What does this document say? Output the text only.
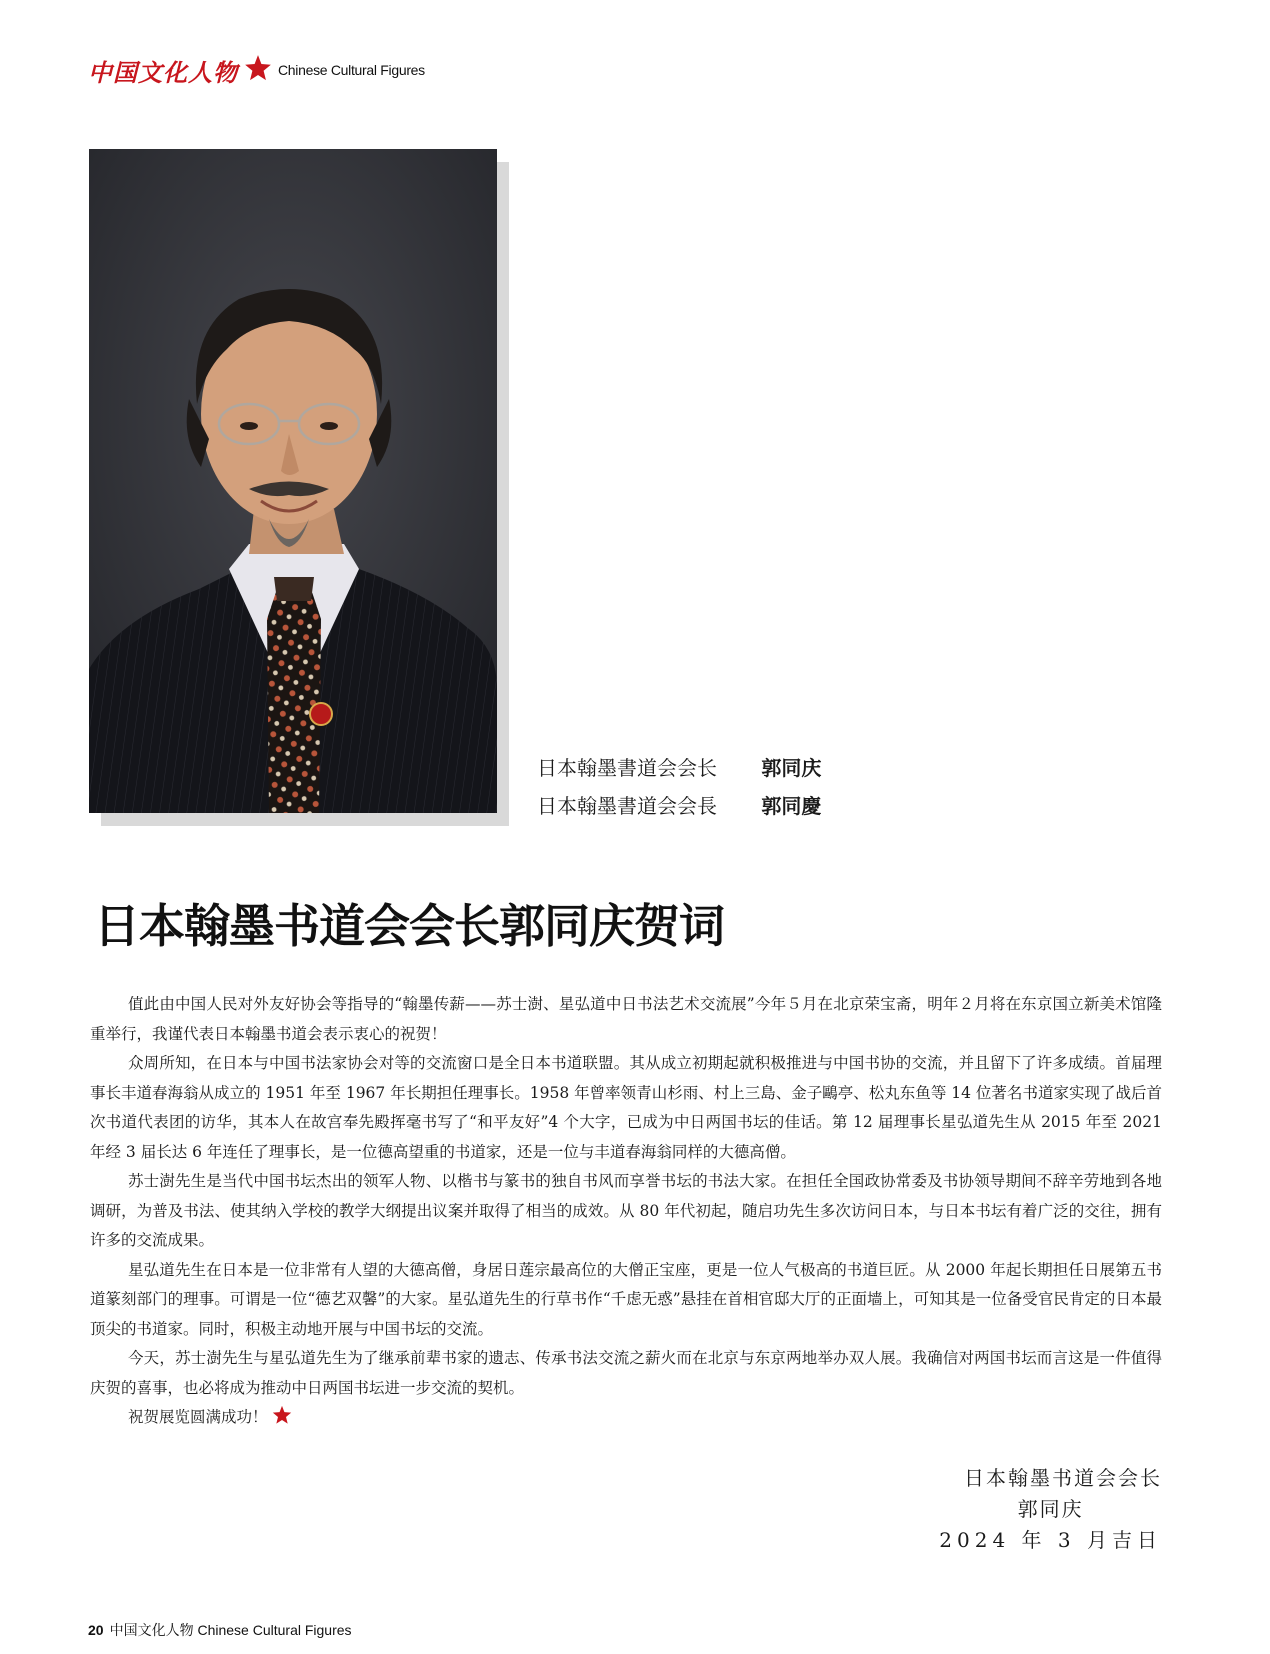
中国文化人物	Chinese Cultural Figures
日本翰墨書道会会长 郭同庆
日本翰墨書道会会長 郭同慶
日本翰墨书道会会长郭同庆贺词

值此由中国人民对外友好协会等指导的“翰墨传薪——苏士澍、星弘道中日书法艺术交流展”今年５月在北京荣宝斋，明年２月将在东京国立新美术馆隆重举行，我谨代表日本翰墨书道会表示衷心的祝贺！

众周所知，在日本与中国书法家协会对等的交流窗口是全日本书道联盟。其从成立初期起就积极推进与中国书协的交流，并且留下了许多成绩。首届理事长丰道春海翁从成立的 1951 年至 1967 年长期担任理事长。1958 年曾率领青山杉雨、村上三島、金子鷗亭、松丸东鱼等 14 位著名书道家实现了战后首次书道代表团的访华，其本人在故宫奉先殿挥毫书写了“和平友好”4 个大字，已成为中日两国书坛的佳话。第 12 届理事长星弘道先生从 2015 年至 2021 年经 3 届长达 6 年连任了理事长，是一位德高望重的书道家，还是一位与丰道春海翁同样的大德高僧。

苏士澍先生是当代中国书坛杰出的领军人物、以楷书与篆书的独自书风而享誉书坛的书法大家。在担任全国政协常委及书协领导期间不辞辛劳地到各地调研，为普及书法、使其纳入学校的教学大纲提出议案并取得了相当的成效。从 80 年代初起，随启功先生多次访问日本，与日本书坛有着广泛的交往，拥有许多的交流成果。

星弘道先生在日本是一位非常有人望的大德高僧，身居日莲宗最高位的大僧正宝座，更是一位人气极高的书道巨匠。从 2000 年起长期担任日展第五书道篆刻部门的理事。可谓是一位“德艺双馨”的大家。星弘道先生的行草书作“千虑无惑”悬挂在首相官邸大厅的正面墙上，可知其是一位备受官民肯定的日本最顶尖的书道家。同时，积极主动地开展与中国书坛的交流。

今天，苏士澍先生与星弘道先生为了继承前辈书家的遗志、传承书法交流之薪火而在北京与东京两地举办双人展。我确信对两国书坛而言这是一件值得庆贺的喜事，也必将成为推动中日两国书坛进一步交流的契机。

祝贺展览圆满成功！

日本翰墨书道会会长
郭同庆
2024 年 3 月吉日
20 中国文化人物 Chinese Cultural Figures
